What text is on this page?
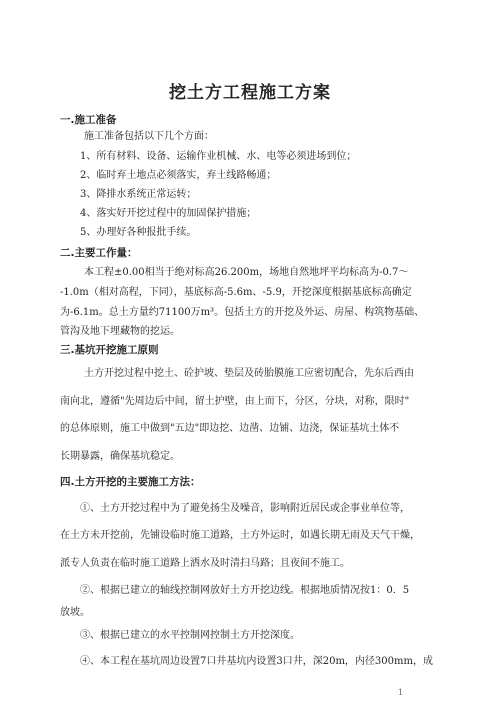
挖土方工程施工方案
一.施工准备
施工准备包括以下几个方面：
1、所有材料、设备、运输作业机械、水、电等必须进场到位；
2、临时弃土地点必须落实，弃土线路畅通；
3、降排水系统正常运转；
4、落实好开挖过程中的加固保护措施；
5、办理好各种报批手续。
二.主要工作量：
本工程±0.00相当于绝对标高26.200m，场地自然地坪平均标高为-0.7～
-1.0m（相对高程，下同），基底标高-5.6m、-5.9，开挖深度根据基底标高确定
为-6.1m。总土方量约71100万m³。包括土方的开挖及外运、房屋、构筑物基础、
管沟及地下埋藏物的挖运。
三.基坑开挖施工原则
土方开挖过程中挖土、砼护坡、垫层及砖胎膜施工应密切配合，先东后西由
南向北，遵循"先周边后中间，留土护壁，由上而下，分区，分块，对称，限时"
的总体原则，施工中做到"五边"即边挖、边凿、边铺、边浇，保证基坑土体不
长期暴露，确保基坑稳定。
四.土方开挖的主要施工方法：
①、土方开挖过程中为了避免扬尘及噪音，影响附近居民或企事业单位等，
在土方未开挖前，先铺设临时施工道路，土方外运时，如遇长期无雨及天气干燥，
派专人负责在临时施工道路上洒水及时清扫马路；且夜间不施工。
②、根据已建立的轴线控制网放好土方开挖边线。根据地质情况按1：0．5
放坡。
③、根据已建立的水平控制网控制土方开挖深度。
④、本工程在基坑周边设置7口井基坑内设置3口井，深20m，内径300mm，成
1
